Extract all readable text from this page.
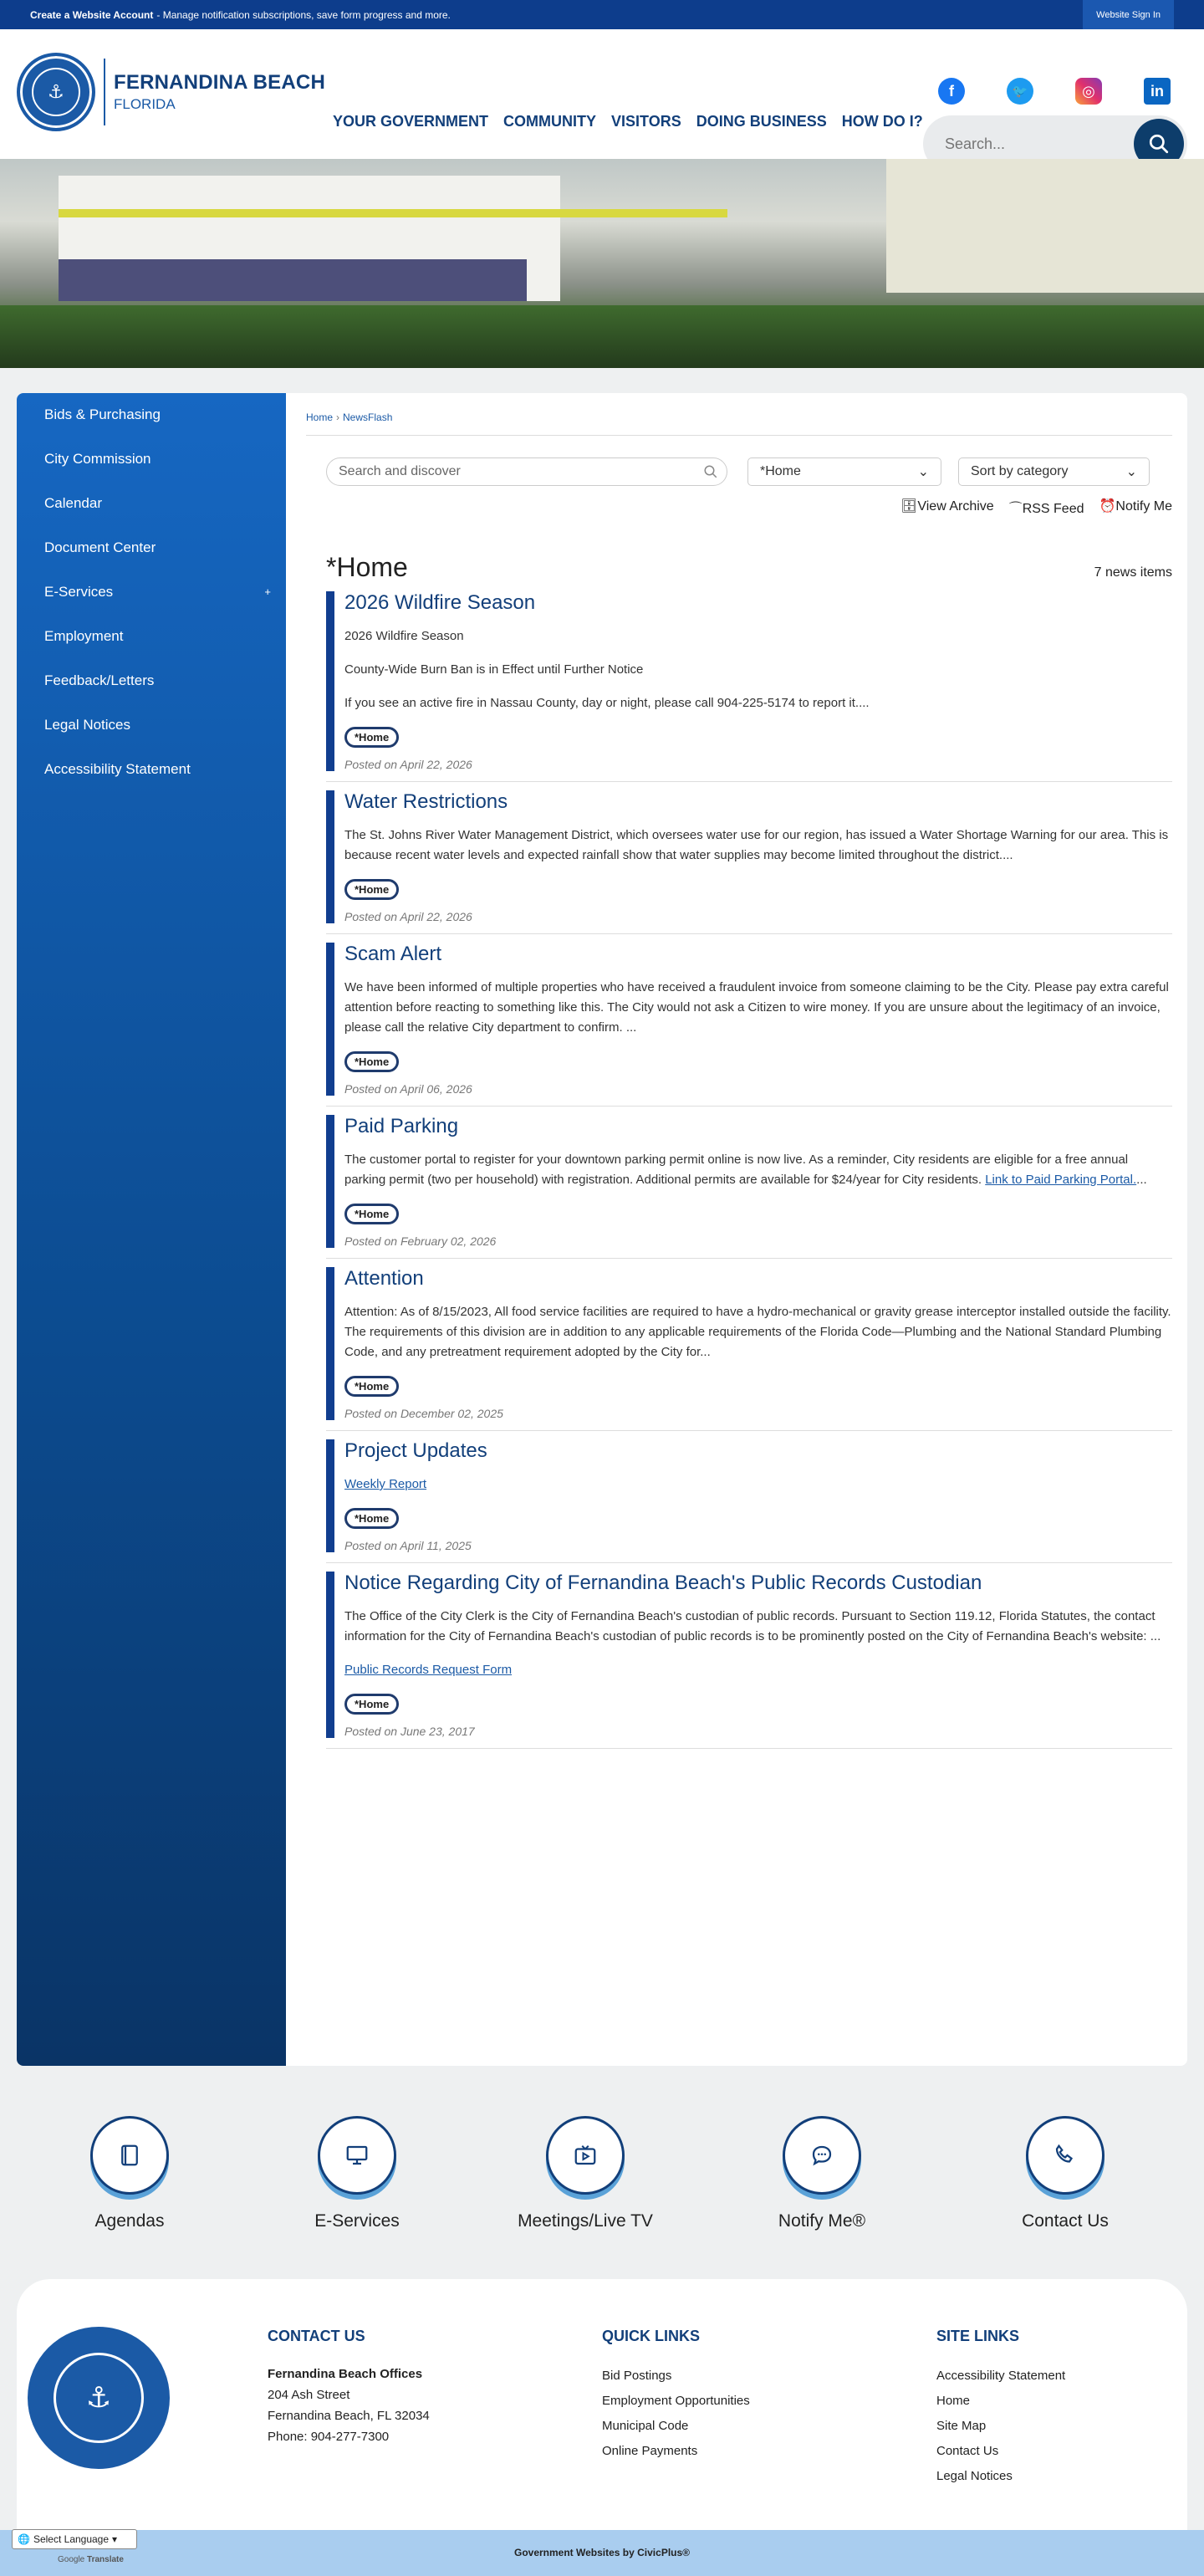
Create a Website Account - Manage notification subscriptions, save form progress and more.	Website Sign In
⚓	FERNANDINA BEACH
FLORIDA
YOUR GOVERNMENT COMMUNITY VISITORS DOING BUSINESS HOW DO I?
f	🐦	◎	in
Search...
Bids & Purchasing
City Commission
Calendar
Document Center
E-Services	+
Employment
Feedback/Letters
Legal Notices
Accessibility Statement
Home › NewsFlash
Search and discover	*Home	⌄	Sort by category	⌄
🗄View Archive ⌒RSS Feed ⏰Notify Me
*Home	7 news items
2026 Wildfire Season

2026 Wildfire Season

County-Wide Burn Ban is in Effect until Further Notice

If you see an active fire in Nassau County, day or night, please call 904-225-5174 to report it....

*Home
Posted on April 22, 2026
Water Restrictions

The St. Johns River Water Management District, which oversees water use for our region, has issued a Water Shortage Warning for our area. This is because recent water levels and expected rainfall show that water supplies may become limited throughout the district....

*Home
Posted on April 22, 2026
Scam Alert

We have been informed of multiple properties who have received a fraudulent invoice from someone claiming to be the City. Please pay extra careful attention before reacting to something like this. The City would not ask a Citizen to wire money. If you are unsure about the legitimacy of an invoice, please call the relative City department to confirm. ...

*Home
Posted on April 06, 2026
Paid Parking

The customer portal to register for your downtown parking permit online is now live. As a reminder, City residents are eligible for a free annual parking permit (two per household) with registration. Additional permits are available for $24/year for City residents. Link to Paid Parking Portal....

*Home
Posted on February 02, 2026
Attention

Attention: As of 8/15/2023, All food service facilities are required to have a hydro-mechanical or gravity grease interceptor installed outside the facility. The requirements of this division are in addition to any applicable requirements of the Florida Code—Plumbing and the National Standard Plumbing Code, and any pretreatment requirement adopted by the City for...

*Home
Posted on December 02, 2025
Project Updates

Weekly Report

*Home
Posted on April 11, 2025
Notice Regarding City of Fernandina Beach's Public Records Custodian

The Office of the City Clerk is the City of Fernandina Beach's custodian of public records. Pursuant to Section 119.12, Florida Statutes, the contact information for the City of Fernandina Beach's custodian of public records is to be prominently posted on the City of Fernandina Beach's website: ...

Public Records Request Form

*Home
Posted on June 23, 2017
Agendas	E-Services	Meetings/Live TV	Notify Me®	Contact Us
⚓
CONTACT US
Fernandina Beach Offices
204 Ash Street
Fernandina Beach, FL 32034
Phone: 904-277-7300
QUICK LINKS
Bid Postings
Employment Opportunities
Municipal Code
Online Payments
SITE LINKS
Accessibility Statement
Home
Site Map
Contact Us
Legal Notices
🌐 Select Language ▾
Google Translate
Government Websites by CivicPlus®
